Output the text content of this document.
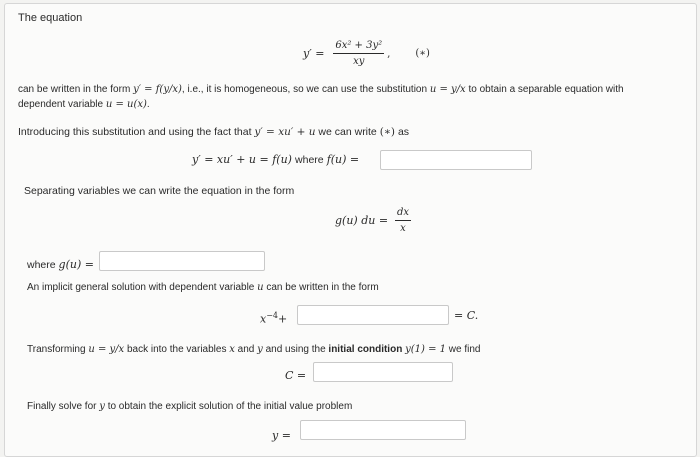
The equation
$y' = \frac{\text{6x² + 3y²}}{xy}$ , (∗)
can be written in the form y′ = f(y/x), i.e., it is homogeneous, so we can use the substitution u = y/x to obtain a separable equation with
dependent variable u = u(x).
Introducing this substitution and using the fact that y′ = xu′ + u we can write (∗) as
y′ = xu′ + u = f(u) where f(u) =
Separating variables we can write the equation in the form
g(u) du = $\frac{dx}{x}$
where g(u) =
An implicit general solution with dependent variable u can be written in the form
$x^{-4}+$	= C.
Transforming u = y/x back into the variables x and y and using the initial condition y(1) = 1 we find
C =
Finally solve for y to obtain the explicit solution of the initial value problem
y =
